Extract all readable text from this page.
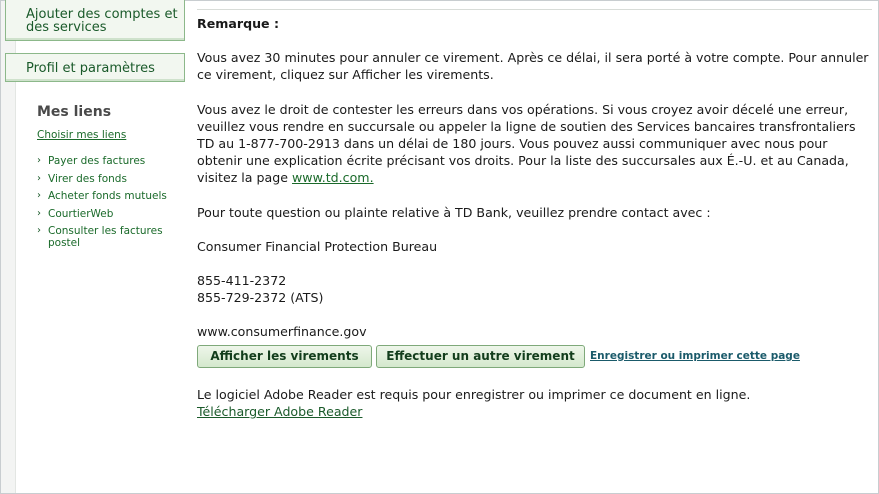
Ajouter des comptes et des services
Profil et paramètres
Mes liens
Choisir mes liens
› Payer des factures
› Virer des fonds
› Acheter fonds mutuels
› CourtierWeb
› Consulter les factures postel

Remarque :

Vous avez 30 minutes pour annuler ce virement. Après ce délai, il sera porté à votre compte. Pour annuler ce virement, cliquez sur Afficher les virements.

Vous avez le droit de contester les erreurs dans vos opérations. Si vous croyez avoir décelé une erreur, veuillez vous rendre en succursale ou appeler la ligne de soutien des Services bancaires transfrontaliers TD au 1-877-700-2913 dans un délai de 180 jours. Vous pouvez aussi communiquer avec nous pour obtenir une explication écrite précisant vos droits. Pour la liste des succursales aux É.-U. et au Canada, visitez la page www.td.com.

Pour toute question ou plainte relative à TD Bank, veuillez prendre contact avec :

Consumer Financial Protection Bureau

855-411-2372

855-729-2372 (ATS)

www.consumerfinance.gov

Afficher les virements	Effectuer un autre virement	Enregistrer ou imprimer cette page
Le logiciel Adobe Reader est requis pour enregistrer ou imprimer ce document en ligne.
Télécharger Adobe Reader
